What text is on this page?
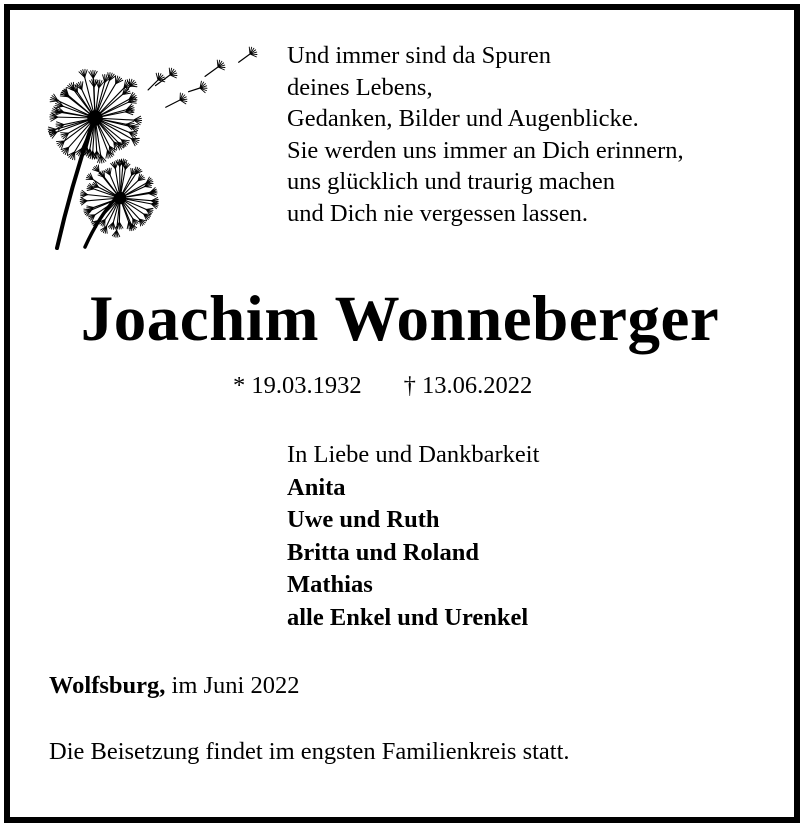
Und immer sind da Spuren
deines Lebens,
Gedanken, Bilder und Augenblicke.
Sie werden uns immer an Dich erinnern,
uns glücklich und traurig machen
und Dich nie vergessen lassen.
Joachim Wonneberger
* 19.03.1932 † 13.06.2022
In Liebe und Dankbarkeit
Anita
Uwe und Ruth
Britta und Roland
Mathias
alle Enkel und Urenkel
Wolfsburg, im Juni 2022
Die Beisetzung findet im engsten Familienkreis statt.
